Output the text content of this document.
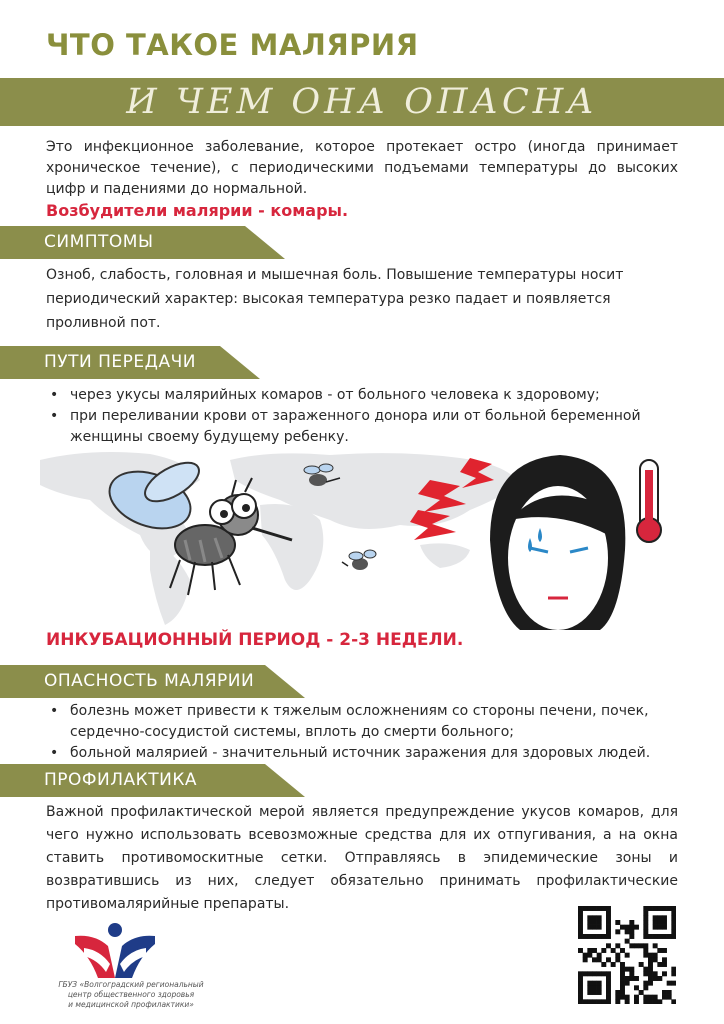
ЧТО ТАКОЕ МАЛЯРИЯ
И ЧЕМ ОНА ОПАСНА
Это инфекционное заболевание, которое протекает остро (иногда принимает хроническое течение), с периодическими подъемами температуры до высоких цифр и падениями до нормальной.
Возбудители малярии - комары.
СИМПТОМЫ
Озноб, слабость, головная и мышечная боль. Повышение температуры носит периодический характер: высокая температура резко падает и появляется проливной пот.
ПУТИ ПЕРЕДАЧИ
• через укусы малярийных комаров - от больного человека к здоровому;
• при переливании крови от зараженного донора или от больной беременной женщины своему будущему ребенку.
ИНКУБАЦИОННЫЙ ПЕРИОД - 2-3 НЕДЕЛИ.
ОПАСНОСТЬ МАЛЯРИИ
• болезнь может привести к тяжелым осложнениям со стороны печени, почек, сердечно-сосудистой системы, вплоть до смерти больного;
• больной малярией - значительный источник заражения для здоровых людей.
ПРОФИЛАКТИКА
Важной профилактической мерой является предупреждение укусов комаров, для чего нужно использовать всевозможные средства для их отпугивания, а на окна ставить противомоскитные сетки. Отправляясь в эпидемические зоны и возвратившись из них, следует обязательно принимать профилактические противомалярийные препараты.
ГБУЗ «Волгоградский региональный
центр общественного здоровья
и медицинской профилактики»
